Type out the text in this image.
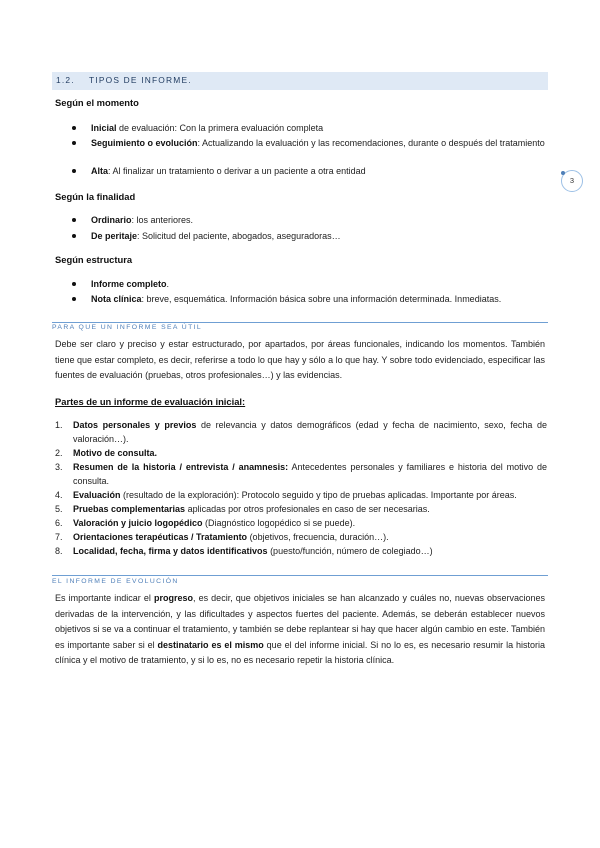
1.2. TIPOS DE INFORME.
Según el momento
Inicial de evaluación: Con la primera evaluación completa
Seguimiento o evolución: Actualizando la evaluación y las recomendaciones, durante o después del tratamiento
Alta: Al finalizar un tratamiento o derivar a un paciente a otra entidad
Según la finalidad
Ordinario: los anteriores.
De peritaje: Solicitud del paciente, abogados, aseguradoras…
Según estructura
Informe completo.
Nota clínica: breve, esquemática. Información básica sobre una información determinada. Inmediatas.
PARA QUE UN INFORME SEA ÚTIL
Debe ser claro y preciso y estar estructurado, por apartados, por áreas funcionales, indicando los momentos. También tiene que estar completo, es decir, referirse a todo lo que hay y sólo a lo que hay. Y sobre todo evidenciado, especificar las fuentes de evaluación (pruebas, otros profesionales…) y las evidencias.
Partes de un informe de evaluación inicial:
1. Datos personales y previos de relevancia y datos demográficos (edad y fecha de nacimiento, sexo, fecha de valoración…).
2. Motivo de consulta.
3. Resumen de la historia / entrevista / anamnesis: Antecedentes personales y familiares e historia del motivo de consulta.
4. Evaluación (resultado de la exploración): Protocolo seguido y tipo de pruebas aplicadas. Importante por áreas.
5. Pruebas complementarias aplicadas por otros profesionales en caso de ser necesarias.
6. Valoración y juicio logopédico (Diagnóstico logopédico si se puede).
7. Orientaciones terapéuticas / Tratamiento (objetivos, frecuencia, duración…).
8. Localidad, fecha, firma y datos identificativos (puesto/función, número de colegiado…)
EL INFORME DE EVOLUCIÓN
Es importante indicar el progreso, es decir, que objetivos iniciales se han alcanzado y cuáles no, nuevas observaciones derivadas de la intervención, y las dificultades y aspectos fuertes del paciente. Además, se deberán establecer nuevos objetivos si se va a continuar el tratamiento, y también se debe replantear si hay que hacer algún cambio en este. También es importante saber si el destinatario es el mismo que el del informe inicial. Si no lo es, es necesario resumir la historia clínica y el motivo de tratamiento, y si lo es, no es necesario repetir la historia clínica.
3
